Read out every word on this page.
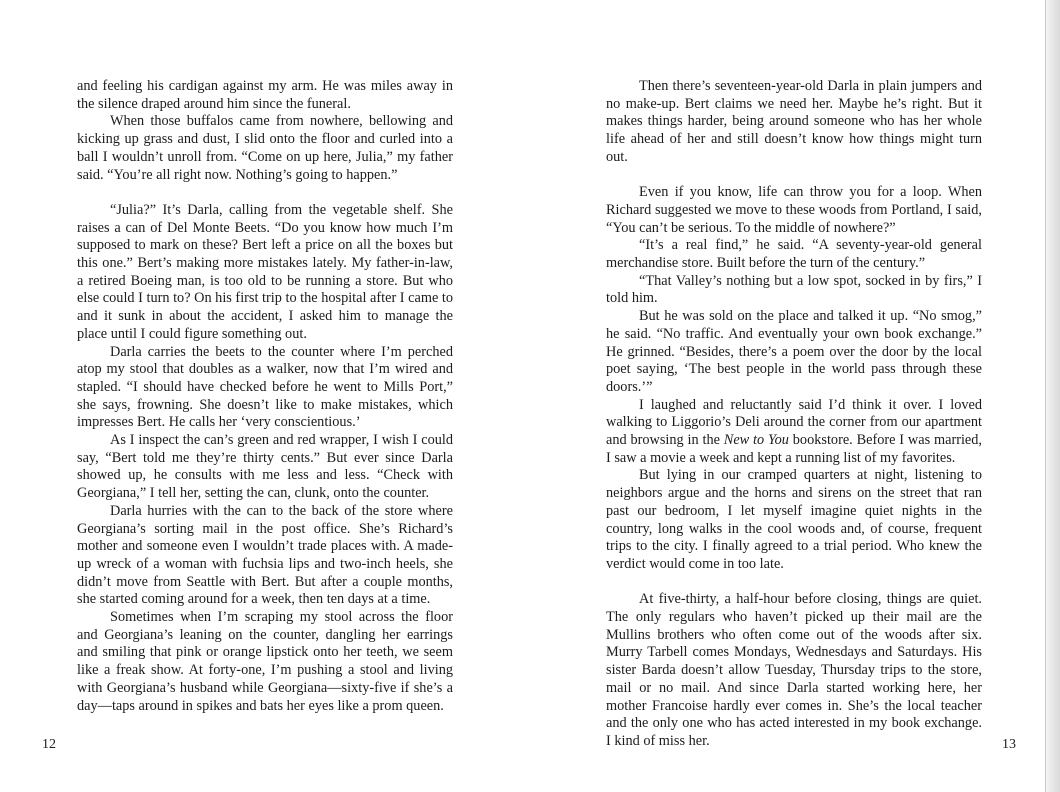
and feeling his cardigan against my arm. He was miles away in the silence draped around him since the funeral.

When those buffalos came from nowhere, bellowing and kicking up grass and dust, I slid onto the floor and curled into a ball I wouldn’t unroll from. “Come on up here, Julia,” my father said. “You’re all right now. Nothing’s going to happen.”

“Julia?” It’s Darla, calling from the vegetable shelf. She raises a can of Del Monte Beets. “Do you know how much I’m supposed to mark on these? Bert left a price on all the boxes but this one.” Bert’s making more mistakes lately. My father-in-law, a retired Boeing man, is too old to be running a store. But who else could I turn to? On his first trip to the hospital after I came to and it sunk in about the accident, I asked him to manage the place until I could figure something out.

Darla carries the beets to the counter where I’m perched atop my stool that doubles as a walker, now that I’m wired and stapled. “I should have checked before he went to Mills Port,” she says, frowning. She doesn’t like to make mistakes, which impresses Bert. He calls her ‘very conscientious.’

As I inspect the can’s green and red wrapper, I wish I could say, “Bert told me they’re thirty cents.” But ever since Darla showed up, he consults with me less and less. “Check with Georgiana,” I tell her, setting the can, clunk, onto the counter.

Darla hurries with the can to the back of the store where Georgiana’s sorting mail in the post office. She’s Richard’s mother and someone even I wouldn’t trade places with. A made-up wreck of a woman with fuchsia lips and two-inch heels, she didn’t move from Seattle with Bert. But after a couple months, she started coming around for a week, then ten days at a time.

Sometimes when I’m scraping my stool across the floor and Georgiana’s leaning on the counter, dangling her earrings and smiling that pink or orange lipstick onto her teeth, we seem like a freak show. At forty-one, I’m pushing a stool and living with Georgiana’s husband while Georgiana—sixty-five if she’s a day—taps around in spikes and bats her eyes like a prom queen.

Then there’s seventeen-year-old Darla in plain jumpers and no make-up. Bert claims we need her. Maybe he’s right. But it makes things harder, being around someone who has her whole life ahead of her and still doesn’t know how things might turn out.

Even if you know, life can throw you for a loop. When Richard suggested we move to these woods from Portland, I said, “You can’t be serious. To the middle of nowhere?”

“It’s a real find,” he said. “A seventy-year-old general merchandise store. Built before the turn of the century.”

“That Valley’s nothing but a low spot, socked in by firs,” I told him.

But he was sold on the place and talked it up. “No smog,” he said. “No traffic. And eventually your own book exchange.” He grinned. “Besides, there’s a poem over the door by the local poet saying, ‘The best people in the world pass through these doors.’”

I laughed and reluctantly said I’d think it over. I loved walking to Liggorio’s Deli around the corner from our apartment and browsing in the New to You bookstore. Before I was married, I saw a movie a week and kept a running list of my favorites.

But lying in our cramped quarters at night, listening to neighbors argue and the horns and sirens on the street that ran past our bedroom, I let myself imagine quiet nights in the country, long walks in the cool woods and, of course, frequent trips to the city. I finally agreed to a trial period. Who knew the verdict would come in too late.

At five-thirty, a half-hour before closing, things are quiet. The only regulars who haven’t picked up their mail are the Mullins brothers who often come out of the woods after six. Murry Tarbell comes Mondays, Wednesdays and Saturdays. His sister Barda doesn’t allow Tuesday, Thursday trips to the store, mail or no mail. And since Darla started working here, her mother Francoise hardly ever comes in. She’s the local teacher and the only one who has acted interested in my book exchange. I kind of miss her.

12	13
